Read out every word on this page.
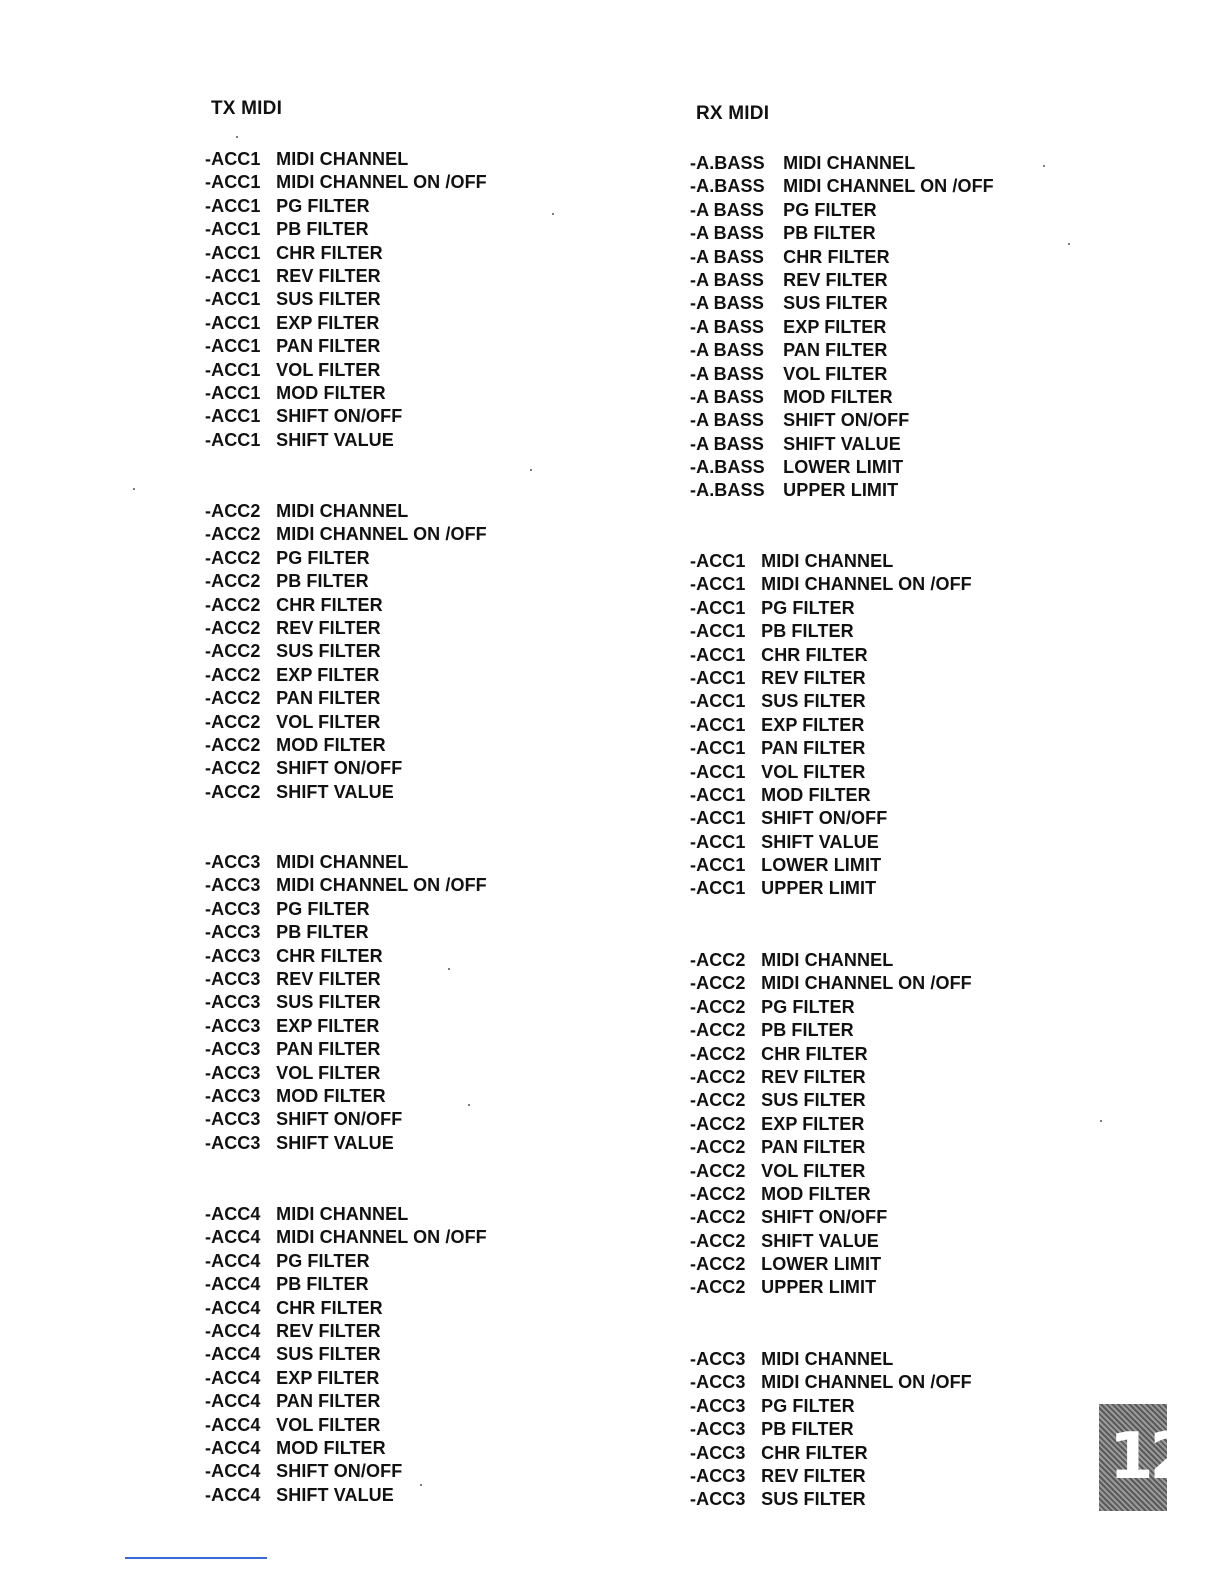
TX MIDI
-ACC1 MIDI CHANNEL
-ACC1 MIDI CHANNEL ON /OFF
-ACC1 PG FILTER
-ACC1 PB FILTER
-ACC1 CHR FILTER
-ACC1 REV FILTER
-ACC1 SUS FILTER
-ACC1 EXP FILTER
-ACC1 PAN FILTER
-ACC1 VOL FILTER
-ACC1 MOD FILTER
-ACC1 SHIFT ON/OFF
-ACC1 SHIFT VALUE
-ACC2 MIDI CHANNEL
-ACC2 MIDI CHANNEL ON /OFF
-ACC2 PG FILTER
-ACC2 PB FILTER
-ACC2 CHR FILTER
-ACC2 REV FILTER
-ACC2 SUS FILTER
-ACC2 EXP FILTER
-ACC2 PAN FILTER
-ACC2 VOL FILTER
-ACC2 MOD FILTER
-ACC2 SHIFT ON/OFF
-ACC2 SHIFT VALUE
-ACC3 MIDI CHANNEL
-ACC3 MIDI CHANNEL ON /OFF
-ACC3 PG FILTER
-ACC3 PB FILTER
-ACC3 CHR FILTER
-ACC3 REV FILTER
-ACC3 SUS FILTER
-ACC3 EXP FILTER
-ACC3 PAN FILTER
-ACC3 VOL FILTER
-ACC3 MOD FILTER
-ACC3 SHIFT ON/OFF
-ACC3 SHIFT VALUE
-ACC4 MIDI CHANNEL
-ACC4 MIDI CHANNEL ON /OFF
-ACC4 PG FILTER
-ACC4 PB FILTER
-ACC4 CHR FILTER
-ACC4 REV FILTER
-ACC4 SUS FILTER
-ACC4 EXP FILTER
-ACC4 PAN FILTER
-ACC4 VOL FILTER
-ACC4 MOD FILTER
-ACC4 SHIFT ON/OFF
-ACC4 SHIFT VALUE
RX MIDI
-A.BASS MIDI CHANNEL
-A.BASS MIDI CHANNEL ON /OFF
-A BASS PG FILTER
-A BASS PB FILTER
-A BASS CHR FILTER
-A BASS REV FILTER
-A BASS SUS FILTER
-A BASS EXP FILTER
-A BASS PAN FILTER
-A BASS VOL FILTER
-A BASS MOD FILTER
-A BASS SHIFT ON/OFF
-A BASS SHIFT VALUE
-A.BASS LOWER LIMIT
-A.BASS UPPER LIMIT
-ACC1 MIDI CHANNEL
-ACC1 MIDI CHANNEL ON /OFF
-ACC1 PG FILTER
-ACC1 PB FILTER
-ACC1 CHR FILTER
-ACC1 REV FILTER
-ACC1 SUS FILTER
-ACC1 EXP FILTER
-ACC1 PAN FILTER
-ACC1 VOL FILTER
-ACC1 MOD FILTER
-ACC1 SHIFT ON/OFF
-ACC1 SHIFT VALUE
-ACC1 LOWER LIMIT
-ACC1 UPPER LIMIT
-ACC2 MIDI CHANNEL
-ACC2 MIDI CHANNEL ON /OFF
-ACC2 PG FILTER
-ACC2 PB FILTER
-ACC2 CHR FILTER
-ACC2 REV FILTER
-ACC2 SUS FILTER
-ACC2 EXP FILTER
-ACC2 PAN FILTER
-ACC2 VOL FILTER
-ACC2 MOD FILTER
-ACC2 SHIFT ON/OFF
-ACC2 SHIFT VALUE
-ACC2 LOWER LIMIT
-ACC2 UPPER LIMIT
-ACC3 MIDI CHANNEL
-ACC3 MIDI CHANNEL ON /OFF
-ACC3 PG FILTER
-ACC3 PB FILTER
-ACC3 CHR FILTER
-ACC3 REV FILTER
-ACC3 SUS FILTER
12
